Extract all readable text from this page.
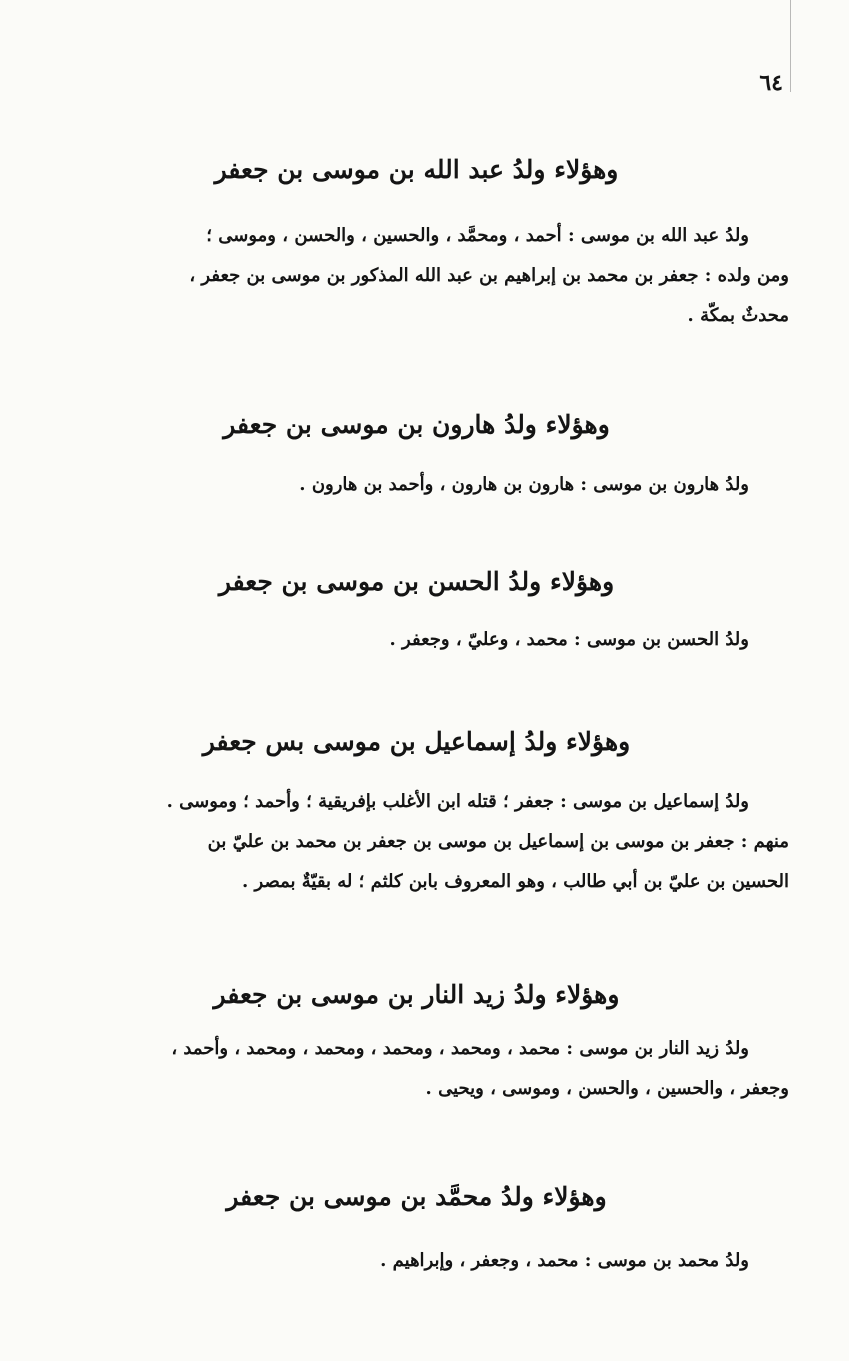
٦٤
وهؤلاء ولدُ عبد الله بن موسى بن جعفر

ولدُ عبد الله بن موسى : أحمد ، ومحمَّد ، والحسين ، والحسن ، وموسى ؛

ومن ولده : جعفر بن محمد بن إبراهيم بن عبد الله المذكور بن موسى بن جعفر ،

محدثٌ بمكّة .

وهؤلاء ولدُ هارون بن موسى بن جعفر

ولدُ هارون بن موسى : هارون بن هارون ، وأحمد بن هارون .

وهؤلاء ولدُ الحسن بن موسى بن جعفر

ولدُ الحسن بن موسى : محمد ، وعليّ ، وجعفر .

وهؤلاء ولدُ إسماعيل بن موسى بس جعفر

ولدُ إسماعيل بن موسى : جعفر ؛ قتله ابن الأغلب بإفريقية ؛ وأحمد ؛ وموسى .

منهم : جعفر بن موسى بن إسماعيل بن موسى بن جعفر بن محمد بن عليّ بن

الحسين بن عليّ بن أبي طالب ، وهو المعروف بابن كلثم ؛ له بقيّةٌ بمصر .

وهؤلاء ولدُ زيد النار بن موسى بن جعفر

ولدُ زيد النار بن موسى : محمد ، ومحمد ، ومحمد ، ومحمد ، ومحمد ، وأحمد ،

وجعفر ، والحسين ، والحسن ، وموسى ، ويحيى .

وهؤلاء ولدُ محمَّد بن موسى بن جعفر

ولدُ محمد بن موسى : محمد ، وجعفر ، وإبراهيم .
